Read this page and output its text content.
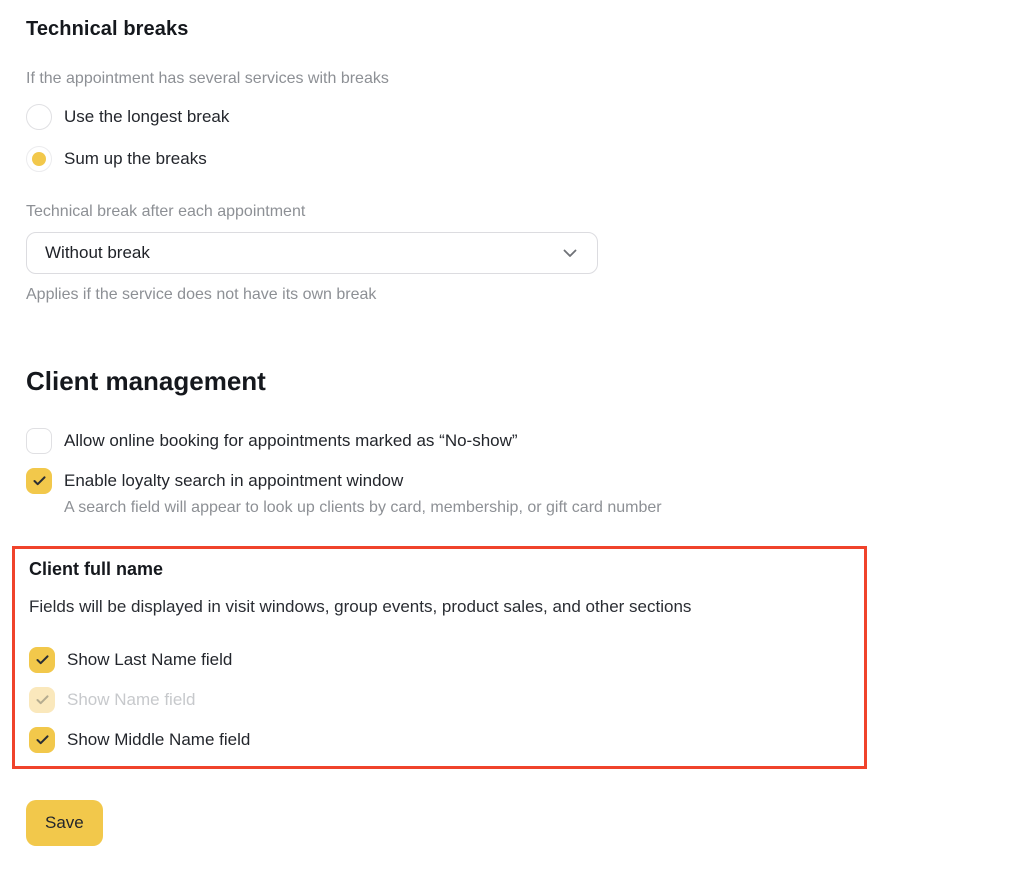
Technical breaks

If the appointment has several services with breaks

Use the longest break
Sum up the breaks

Technical break after each appointment

Without break

Applies if the service does not have its own break

Client management
Allow online booking for appointments marked as “No-show”
Enable loyalty search in appointment window

A search field will appear to look up clients by card, membership, or gift card number

Client full name

Fields will be displayed in visit windows, group events, product sales, and other sections

Show Last Name field
Show Name field
Show Middle Name field
Save
